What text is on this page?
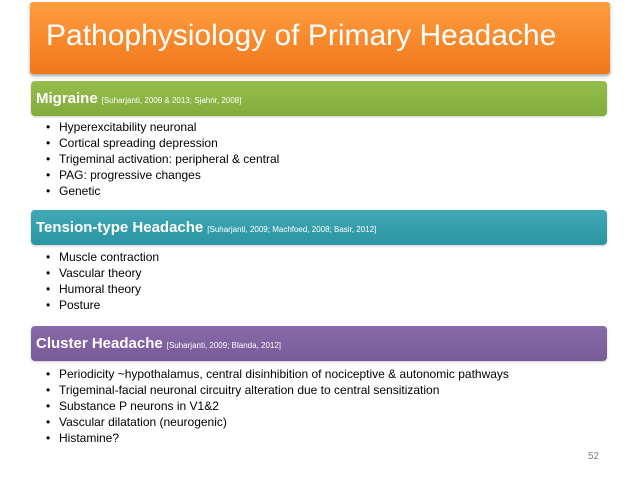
Pathophysiology of Primary Headache
Migraine [Suharjanti, 2009 & 2013; Sjahrir, 2008]
• Hyperexcitability neuronal
• Cortical spreading depression
• Trigeminal activation: peripheral & central
• PAG: progressive changes
• Genetic
Tension-type Headache [Suharjanti, 2009; Machfoed, 2008; Basir, 2012]
• Muscle contraction
• Vascular theory
• Humoral theory
• Posture
Cluster Headache [Suharjanti, 2009; Blanda, 2012]
• Periodicity ~hypothalamus, central disinhibition of nociceptive & autonomic pathways
• Trigeminal-facial neuronal circuitry alteration due to central sensitization
• Substance P neurons in V1&2
• Vascular dilatation (neurogenic)
• Histamine?
52
